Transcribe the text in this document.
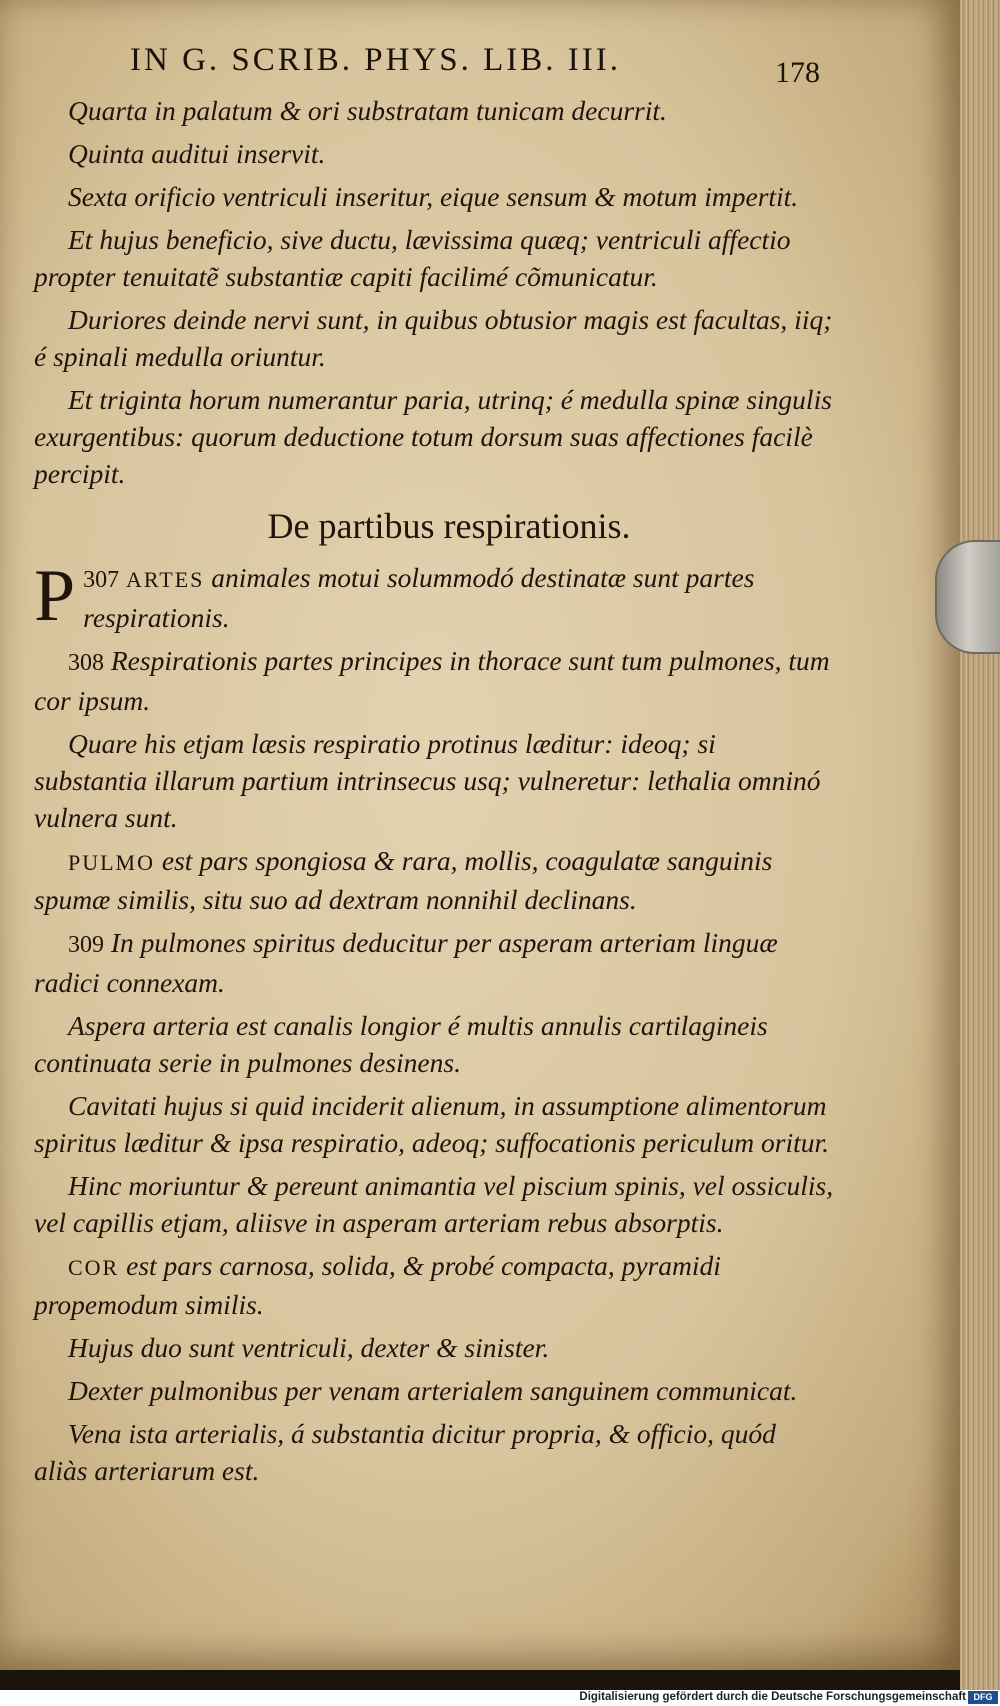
IN G. SCRIB. PHYS. LIB. III.	178

Quarta in palatum & ori substratam tunicam decurrit.

Quinta auditui inservit.

Sexta orificio ventriculi inseritur, eique sensum & motum impertit.

Et hujus beneficio, sive ductu, lævissima quæq; ventriculi affectio propter tenuitatẽ substantiæ capiti facilimé cõmunicatur.

Duriores deinde nervi sunt, in quibus obtusior magis est facultas, iiq; é spinali medulla oriuntur.

Et triginta horum numerantur paria, utrinq; é medulla spinæ singulis exurgentibus: quorum deductione totum dorsum suas affectiones facilè percipit.

De partibus respirationis.

307
P ARTES animales motui solummodó destinatæ sunt partes respirationis.

308 Respirationis partes principes in thorace sunt tum pulmones, tum cor ipsum.

Quare his etjam læsis respiratio protinus læditur: ideoq; si substantia illarum partium intrinsecus usq; vulneretur: lethalia omninó vulnera sunt.

PULMO est pars spongiosa & rara, mollis, coagulatæ sanguinis spumæ similis, situ suo ad dextram nonnihil declinans.

309 In pulmones spiritus deducitur per asperam arteriam linguæ radici connexam.

Aspera arteria est canalis longior é multis annulis cartilagineis continuata serie in pulmones desinens.

Cavitati hujus si quid inciderit alienum, in assumptione alimentorum spiritus læditur & ipsa respiratio, adeoq; suffocationis periculum oritur.

Hinc moriuntur & pereunt animantia vel piscium spinis, vel ossiculis, vel capillis etjam, aliisve in asperam arteriam rebus absorptis.

COR est pars carnosa, solida, & probé compacta, pyramidi propemodum similis.

Hujus duo sunt ventriculi, dexter & sinister.

Dexter pulmonibus per venam arterialem sanguinem communicat.

Vena ista arterialis, á substantia dicitur propria, & officio, quód aliàs arteriarum est.

Digitalisierung gefördert durch die Deutsche Forschungsgemeinschaft DFG
